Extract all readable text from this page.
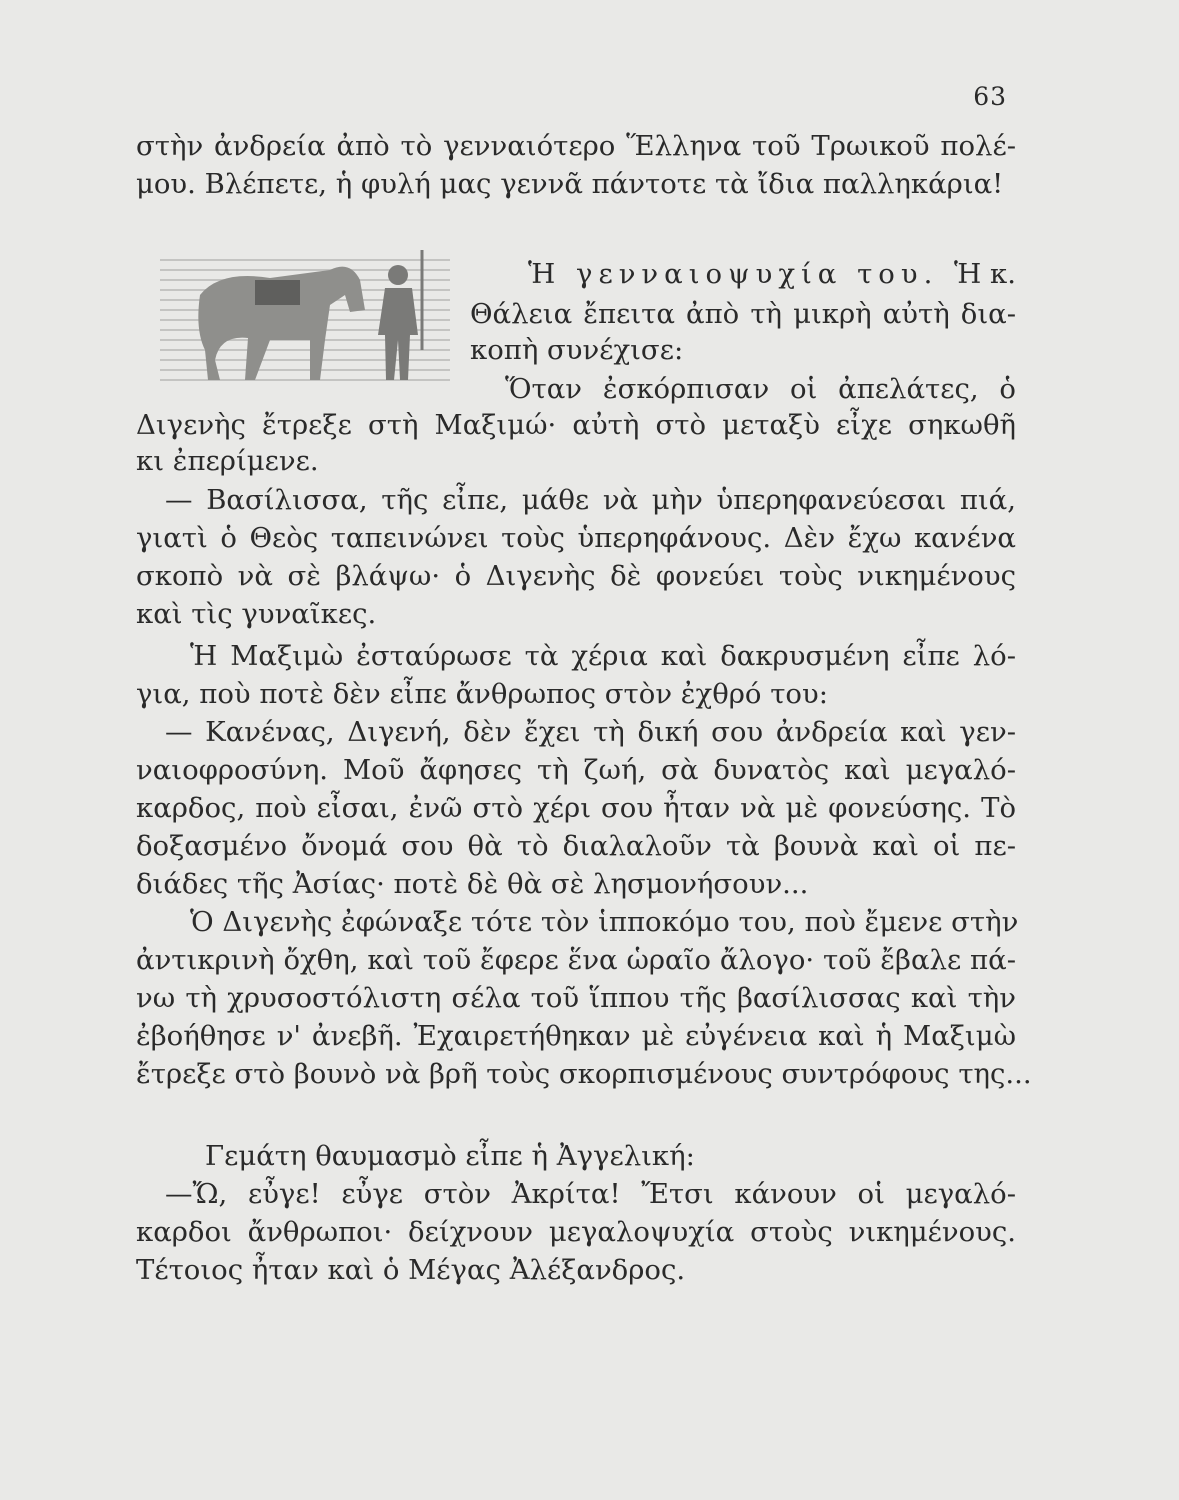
63
στὴν ἀνδρεία ἀπὸ τὸ γενναιότερο Ἕλληνα τοῦ Τρωικοῦ πολέ-
μου. Βλέπετε, ἡ φυλή μας γεννᾶ πάντοτε τὰ ἴδια παλληκάρια!
Ἡ γενναιοψυχία του. Ἡ κ.
Θάλεια ἔπειτα ἀπὸ τὴ μικρὴ αὐτὴ δια-
κοπὴ συνέχισε:
Ὅταν ἐσκόρπισαν οἱ ἀπελάτες, ὁ
Διγενὴς ἔτρεξε στὴ Μαξιμώ· αὐτὴ στὸ μεταξὺ εἶχε σηκωθῆ
κι ἐπερίμενε.
— Βασίλισσα, τῆς εἶπε, μάθε νὰ μὴν ὑπερηφανεύεσαι πιά,
γιατὶ ὁ Θεὸς ταπεινώνει τοὺς ὑπερηφάνους. Δὲν ἔχω κανένα
σκοπὸ νὰ σὲ βλάψω· ὁ Διγενὴς δὲ φονεύει τοὺς νικημένους
καὶ τὶς γυναῖκες.
Ἡ Μαξιμὼ ἐσταύρωσε τὰ χέρια καὶ δακρυσμένη εἶπε λό-
για, ποὺ ποτὲ δὲν εἶπε ἄνθρωπος στὸν ἐχθρό του:
— Κανένας, Διγενή, δὲν ἔχει τὴ δική σου ἀνδρεία καὶ γεν-
ναιοφροσύνη. Μοῦ ἄφησες τὴ ζωή, σὰ δυνατὸς καὶ μεγαλό-
καρδος, ποὺ εἶσαι, ἐνῶ στὸ χέρι σου ἦταν νὰ μὲ φονεύσης. Τὸ
δοξασμένο ὄνομά σου θὰ τὸ διαλαλοῦν τὰ βουνὰ καὶ οἱ πε-
διάδες τῆς Ἀσίας· ποτὲ δὲ θὰ σὲ λησμονήσουν...
Ὁ Διγενὴς ἐφώναξε τότε τὸν ἱπποκόμο του, ποὺ ἔμενε στὴν
ἀντικρινὴ ὄχθη, καὶ τοῦ ἔφερε ἕνα ὡραῖο ἄλογο· τοῦ ἔβαλε πά-
νω τὴ χρυσοστόλιστη σέλα τοῦ ἵππου τῆς βασίλισσας καὶ τὴν
ἐβοήθησε ν' ἀνεβῆ. Ἐχαιρετήθηκαν μὲ εὐγένεια καὶ ἡ Μαξιμὼ
ἔτρεξε στὸ βουνὸ νὰ βρῆ τοὺς σκορπισμένους συντρόφους της...
Γεμάτη θαυμασμὸ εἶπε ἡ Ἀγγελική:
—Ὤ, εὖγε! εὖγε στὸν Ἀκρίτα! Ἔτσι κάνουν οἱ μεγαλό-
καρδοι ἄνθρωποι· δείχνουν μεγαλοψυχία στοὺς νικημένους.
Τέτοιος ἦταν καὶ ὁ Μέγας Ἀλέξανδρος.
